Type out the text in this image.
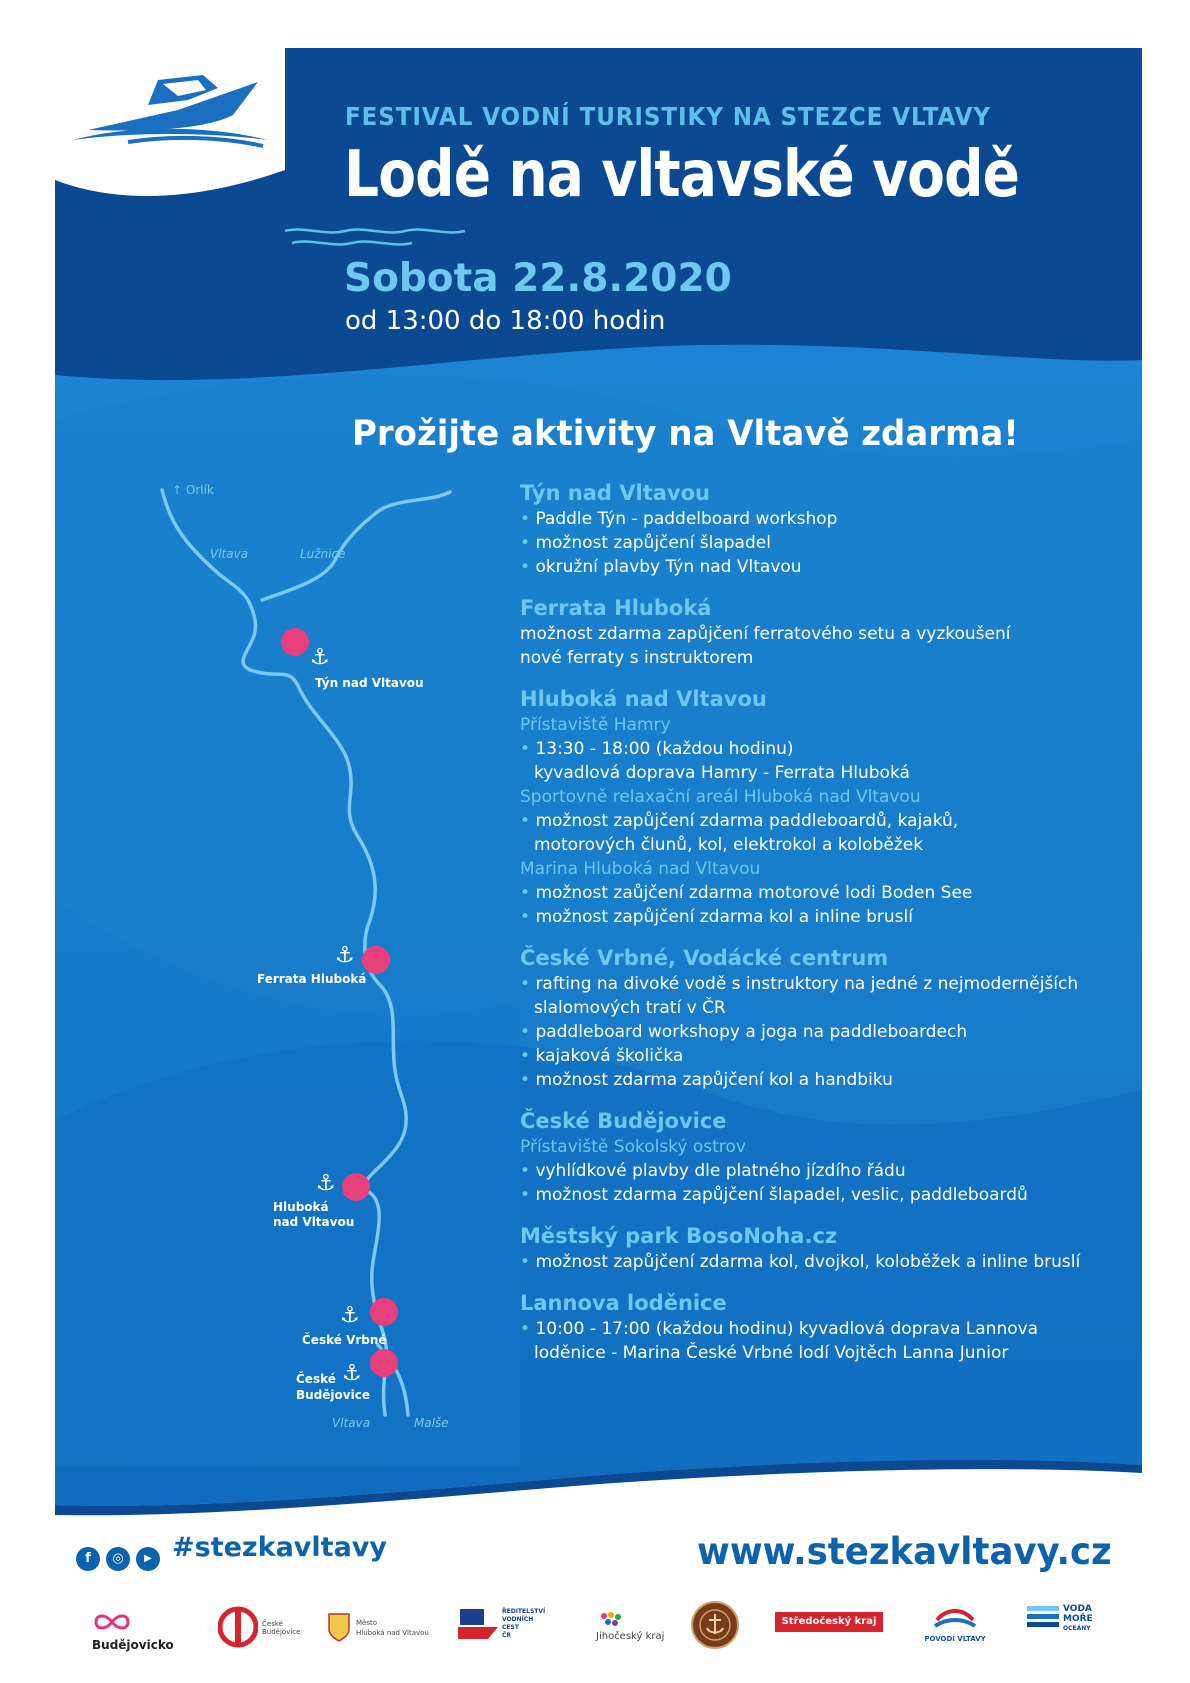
FESTIVAL VODNÍ TURISTIKY NA STEZCE VLTAVY
Lodě na vltavské vodě
Sobota 22.8.2020
od 13:00 do 18:00 hodin
Prožijte aktivity na Vltavě zdarma!
↑ Orlík
Vltava	Lužnice
⚓
Týn nad Vltavou
⚓
Ferrata Hluboká
⚓
Hluboká
nad Vltavou
⚓
České Vrbné
⚓
České
Budějovice
Vltava	Malše
Týn nad Vltavou
• Paddle Týn - paddelboard workshop
• možnost zapůjčení šlapadel
• okružní plavby Týn nad Vltavou
Ferrata Hluboká
možnost zdarma zapůjčení ferratového setu a vyzkoušení nové ferraty s instruktorem
Hluboká nad Vltavou
Přístaviště Hamry
• 13:30 - 18:00 (každou hodinu)
kyvadlová doprava Hamry - Ferrata Hluboká
Sportovně relaxační areál Hluboká nad Vltavou
• možnost zapůjčení zdarma paddleboardů, kajaků,
motorových člunů, kol, elektrokol a koloběžek
Marina Hluboká nad Vltavou
• možnost zaůjčení zdarma motorové lodi Boden See
• možnost zapůjčení zdarma kol a inline bruslí
České Vrbné, Vodácké centrum
• rafting na divoké vodě s instruktory na jedné z nejmodernějších
slalomových tratí v ČR
• paddleboard workshopy a joga na paddleboardech
• kajaková školička
• možnost zdarma zapůjčení kol a handbiku
České Budějovice
Přístaviště Sokolský ostrov
• vyhlídkové plavby dle platného jízdího řádu
• možnost zdarma zapůjčení šlapadel, veslic, paddleboardů
Městský park BosoNoha.cz
• možnost zapůjčení zdarma kol, dvojkol, koloběžek a inline bruslí
Lannova loděnice
• 10:00 - 17:00 (každou hodinu) kyvadlová doprava Lannova
loděnice - Marina České Vrbné lodí Vojtěch Lanna Junior
f	◎	▶ #stezkavltavy	www.stezkavltavy.cz
Budějovicko
České
Budějovice
Město
Hluboká nad Vltavou
ŘEDITELSTVÍ
VODNÍCH
CEST
ČR	Jihočeský kraj
Středočeský kraj
POVODÍ VLTAVY
VODA
MOŘE
OCEÁNY
